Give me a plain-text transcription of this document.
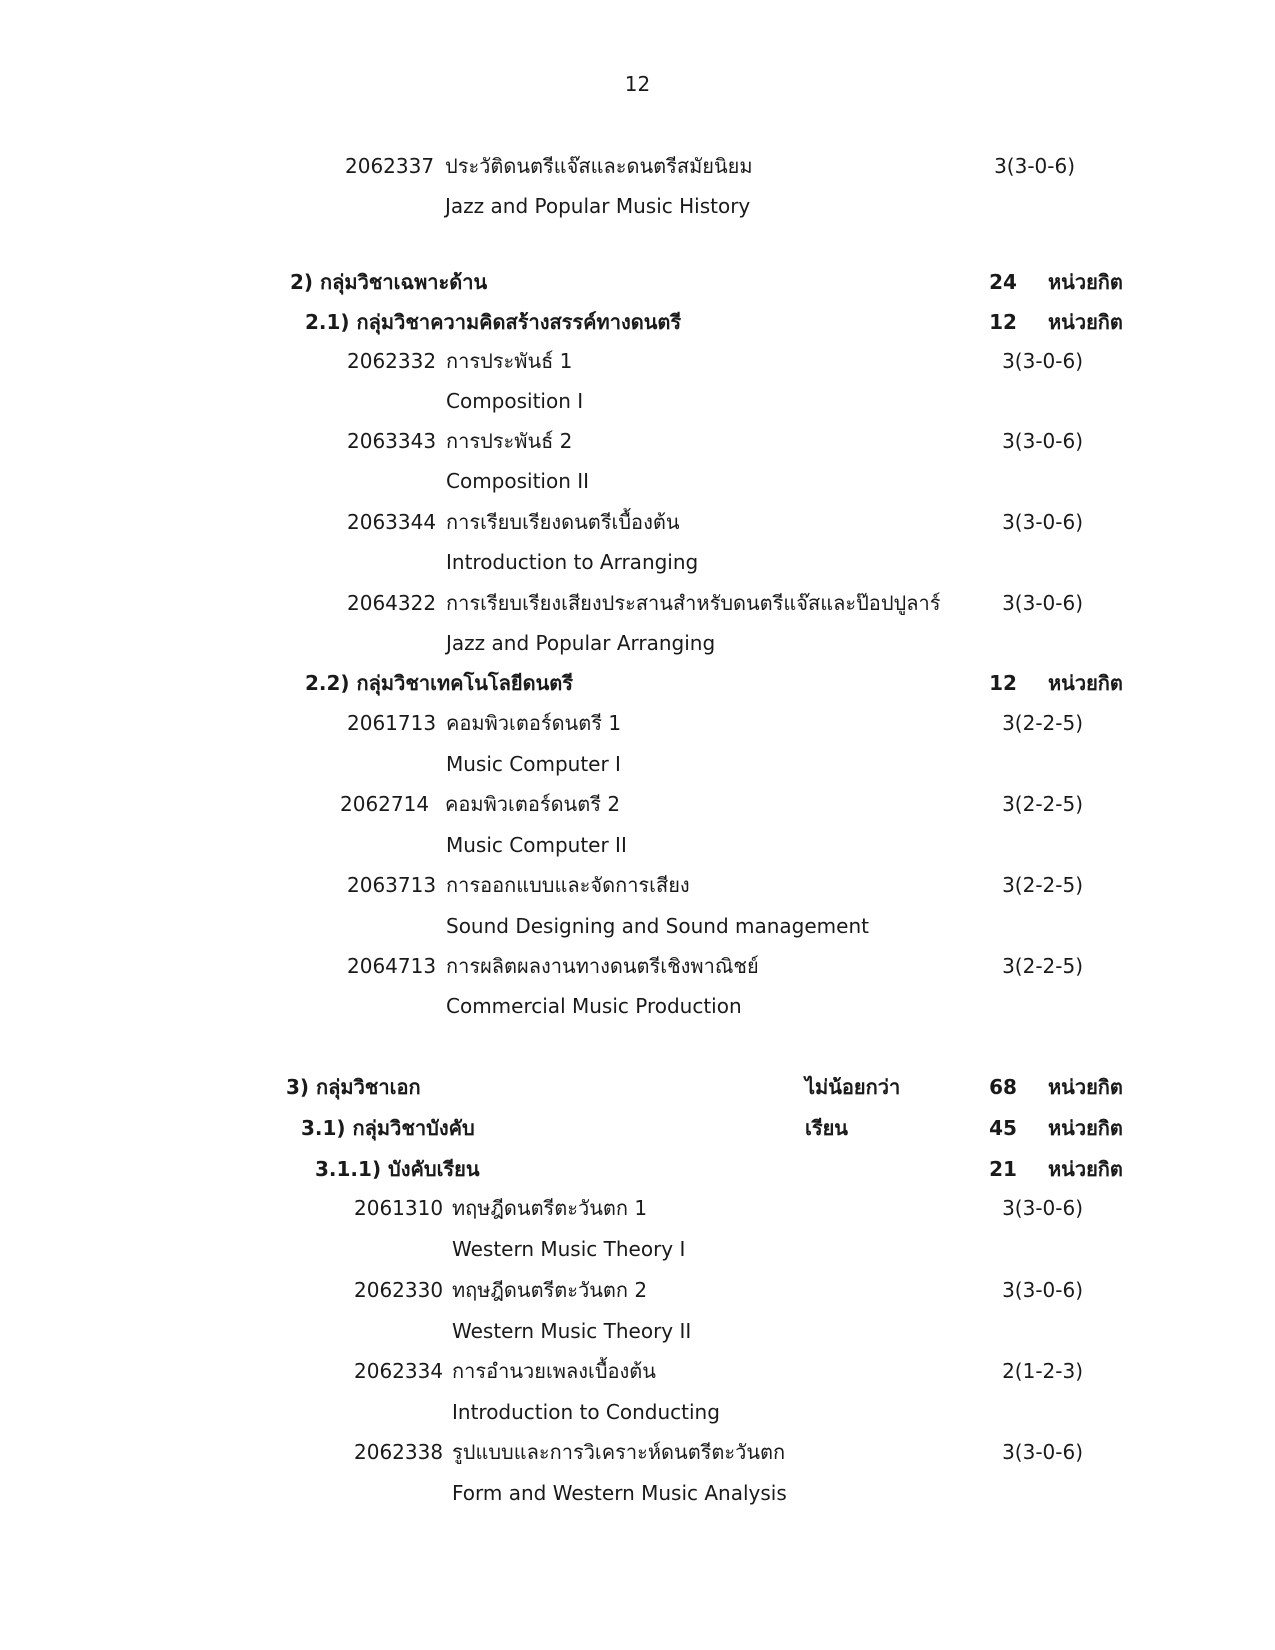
12
2062337 ประวัติดนตรีแจ๊สและดนตรีสมัยนิยม	3(3-0-6)
Jazz and Popular Music History
2) กลุ่มวิชาเฉพาะด้าน	24	หน่วยกิต
2.1) กลุ่มวิชาความคิดสร้างสรรค์ทางดนตรี	12	หน่วยกิต
2062332 การประพันธ์ 1	3(3-0-6)
Composition I
2063343 การประพันธ์ 2	3(3-0-6)
Composition II
2063344 การเรียบเรียงดนตรีเบื้องต้น	3(3-0-6)
Introduction to Arranging
2064322 การเรียบเรียงเสียงประสานสำหรับดนตรีแจ๊สและป๊อปปูลาร์	3(3-0-6)
Jazz and Popular Arranging
2.2) กลุ่มวิชาเทคโนโลยีดนตรี	12	หน่วยกิต
2061713 คอมพิวเตอร์ดนตรี 1	3(2-2-5)
Music Computer I
2062714 คอมพิวเตอร์ดนตรี 2	3(2-2-5)
Music Computer II
2063713 การออกแบบและจัดการเสียง	3(2-2-5)
Sound Designing and Sound management
2064713 การผลิตผลงานทางดนตรีเชิงพาณิชย์	3(2-2-5)
Commercial Music Production
3) กลุ่มวิชาเอก	ไม่น้อยกว่า	68	หน่วยกิต
3.1) กลุ่มวิชาบังคับ	เรียน	45	หน่วยกิต
3.1.1) บังคับเรียน	21	หน่วยกิต
2061310 ทฤษฎีดนตรีตะวันตก 1	3(3-0-6)
Western Music Theory I
2062330 ทฤษฎีดนตรีตะวันตก 2	3(3-0-6)
Western Music Theory II
2062334 การอำนวยเพลงเบื้องต้น	2(1-2-3)
Introduction to Conducting
2062338 รูปแบบและการวิเคราะห์ดนตรีตะวันตก	3(3-0-6)
Form and Western Music Analysis
